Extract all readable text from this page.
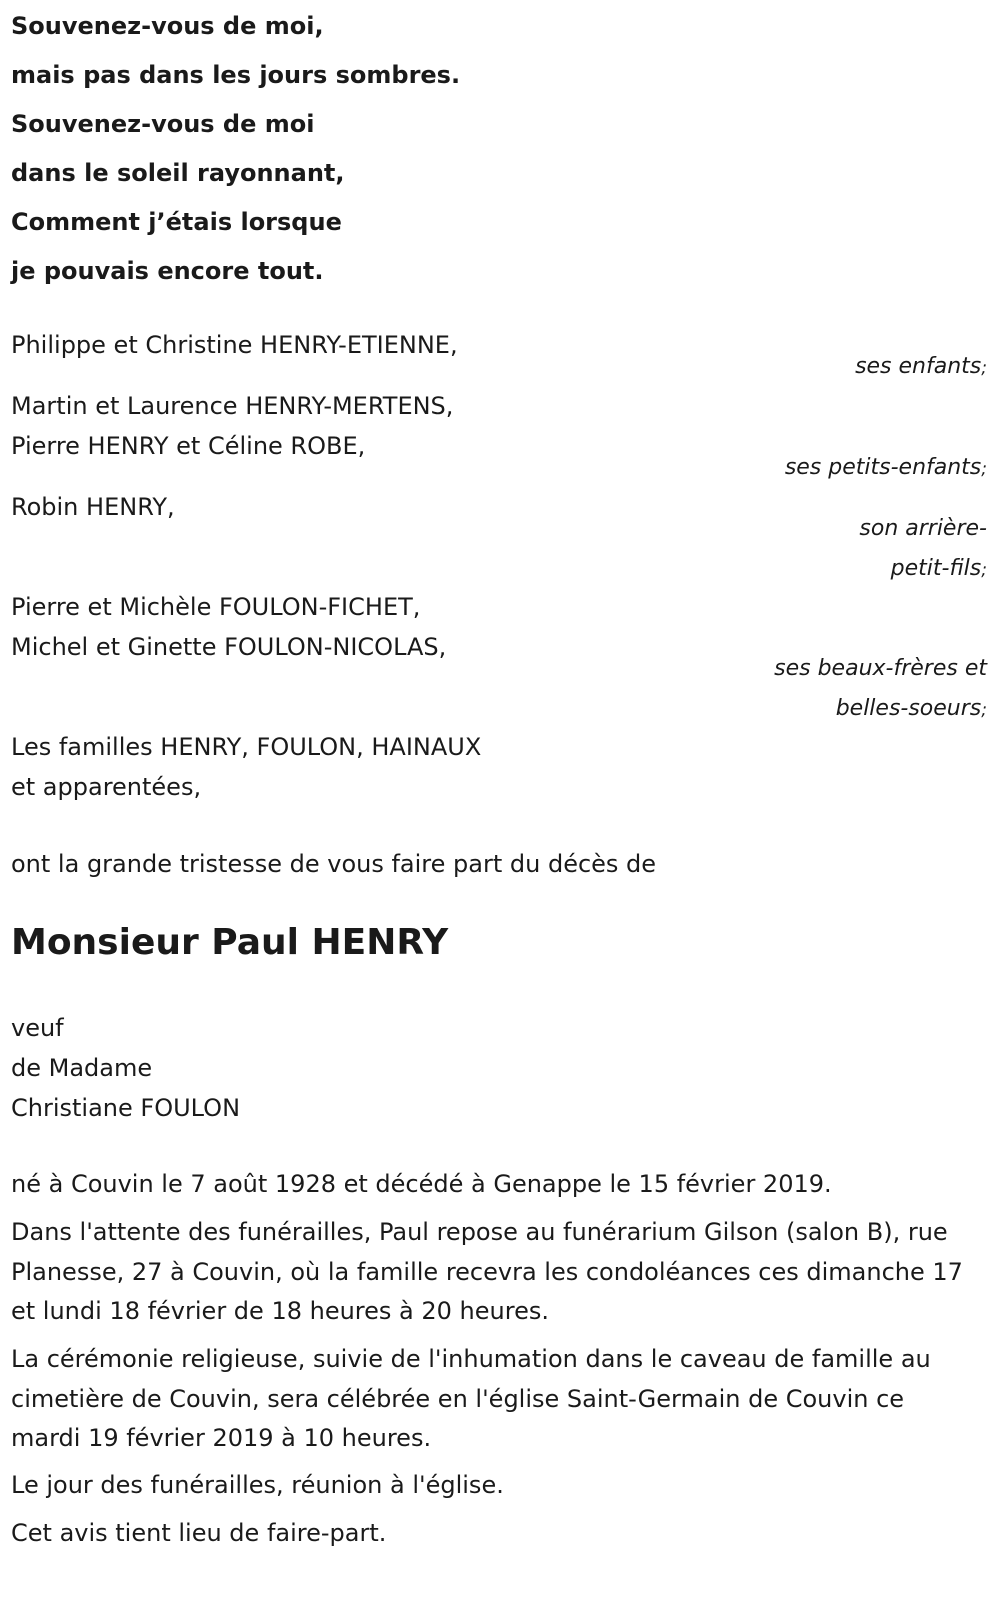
Souvenez-vous de moi,

mais pas dans les jours sombres.

Souvenez-vous de moi

dans le soleil rayonnant,

Comment j’étais lorsque

je pouvais encore tout.

Philippe et Christine HENRY-ETIENNE,
ses enfants;
Martin et Laurence HENRY-MERTENS,
Pierre HENRY et Céline ROBE,
ses petits-enfants;
Robin HENRY,
son arrière-
petit-fils;
Pierre et Michèle FOULON-FICHET,
Michel et Ginette FOULON-NICOLAS,
ses beaux-frères et
belles-soeurs;
Les familles HENRY, FOULON, HAINAUX
et apparentées,
ont la grande tristesse de vous faire part du décès de
Monsieur Paul HENRY
veuf
de Madame
Christiane FOULON
né à Couvin le 7 août 1928 et décédé à Genappe le 15 février 2019.
Dans l'attente des funérailles, Paul repose au funérarium Gilson (salon B), rue Planesse, 27 à Couvin, où la famille recevra les condoléances ces dimanche 17 et lundi 18 février de 18 heures à 20 heures.
La cérémonie religieuse, suivie de l'inhumation dans le caveau de famille au cimetière de Couvin, sera célébrée en l'église Saint-Germain de Couvin ce mardi 19 février 2019 à 10 heures.
Le jour des funérailles, réunion à l'église.
Cet avis tient lieu de faire-part.
